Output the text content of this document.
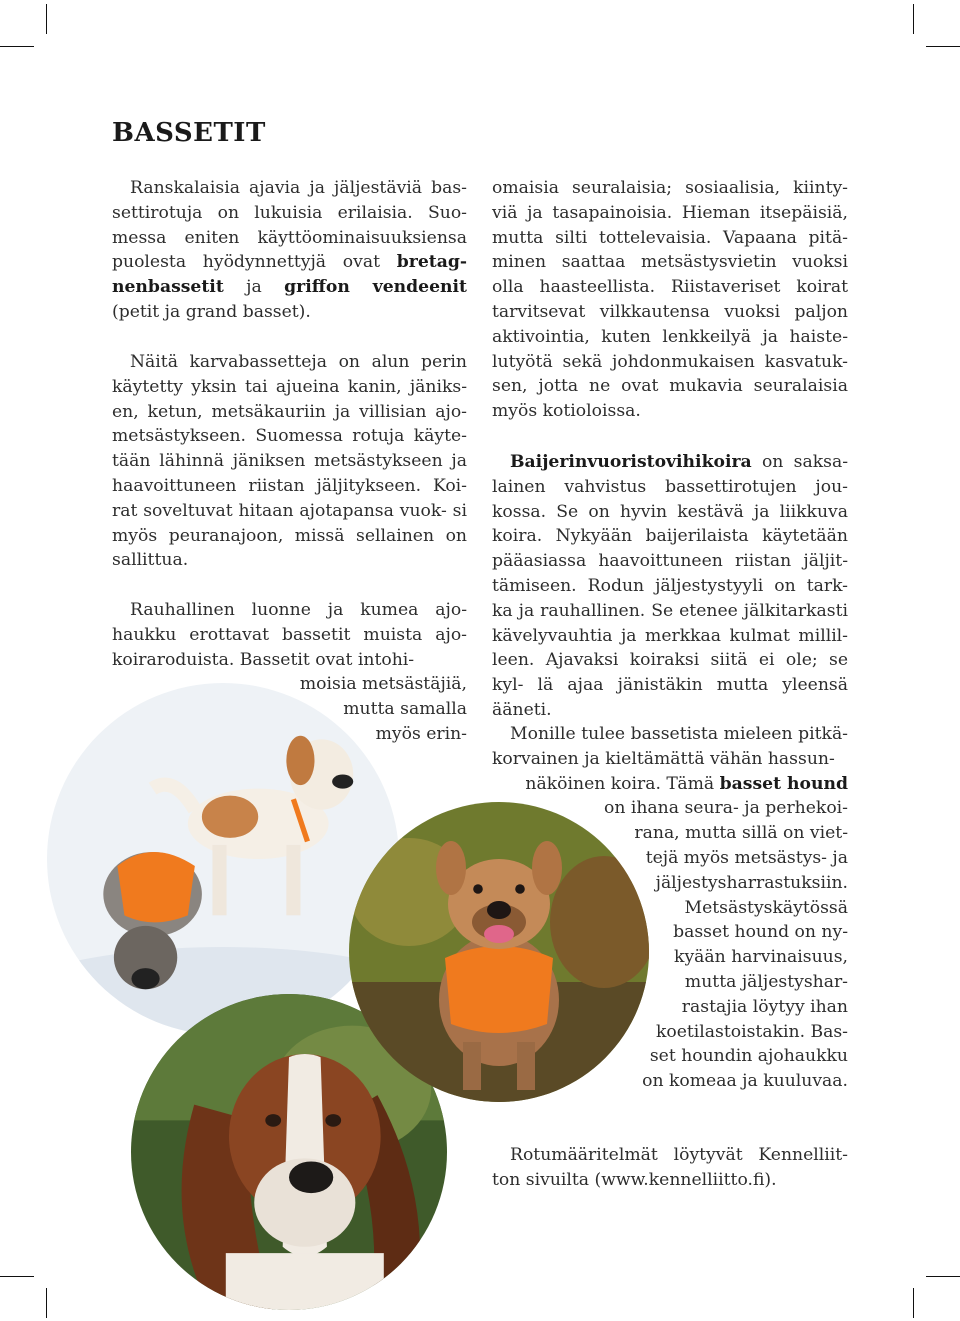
BASSETIT

Ranskalaisia ajavia ja jäljestäviä bas- settirotuja on lukuisia erilaisia. Suo- messa eniten käyttöominaisuuksiensa puolesta hyödynnettyjä ovat bretag- nenbassetit ja griffon vendeenit (petit ja grand basset).

Näitä karvabassetteja on alun perin käytetty yksin tai ajueina kanin, jäniks- en, ketun, metsäkauriin ja villisian ajo- metsästykseen. Suomessa rotuja käyte- tään lähinnä jäniksen metsästykseen ja haavoittuneen riistan jäljitykseen. Koi- rat soveltuvat hitaan ajotapansa vuok- si myös peuranajoon, missä sellainen on sallittua.

Rauhallinen luonne ja kumea ajo- haukku erottavat bassetit muista ajo- koiraroduista. Bassetit ovat intohi-

moisia metsästäjiä,
mutta samalla
myös erin-

omaisia seuralaisia; sosiaalisia, kiinty- viä ja tasapainoisia. Hieman itsepäisiä, mutta silti tottelevaisia. Vapaana pitä- minen saattaa metsästysvietin vuoksi olla haasteellista. Riistaveriset koirat tarvitsevat vilkkautensa vuoksi paljon aktivointia, kuten lenkkeilyä ja haiste- lutyötä sekä johdonmukaisen kasvatuk- sen, jotta ne ovat mukavia seuralaisia myös kotioloissa.

Baijerinvuoristovihikoira on saksa- lainen vahvistus bassettirotujen jou- kossa. Se on hyvin kestävä ja liikkuva koira. Nykyään baijerilaista käytetään pääasiassa haavoittuneen riistan jäljit- tämiseen. Rodun jäljestystyyli on tark- ka ja rauhallinen. Se etenee jälkitarkasti kävelyvauhtia ja merkkaa kulmat millil- leen. Ajavaksi koiraksi siitä ei ole; se kyl- lä ajaa jänistäkin mutta yleensä ääneti.

Monille tulee bassetista mieleen pitkä- korvainen ja kieltämättä vähän hassun-

näköinen koira. Tämä basset hound
on ihana seura- ja perhekoi-
rana, mutta sillä on viet-
tejä myös metsästys- ja
jäljestysharrastuksiin.
Metsästyskäytössä
basset hound on ny-
kyään harvinaisuus,
mutta jäljestyshar-
rastajia löytyy ihan
koetilastoistakin. Bas-
set houndin ajohaukku
on komeaa ja kuuluvaa.

Rotumääritelmät löytyvät Kennelliit- ton sivuilta (www.kennelliitto.fi).
